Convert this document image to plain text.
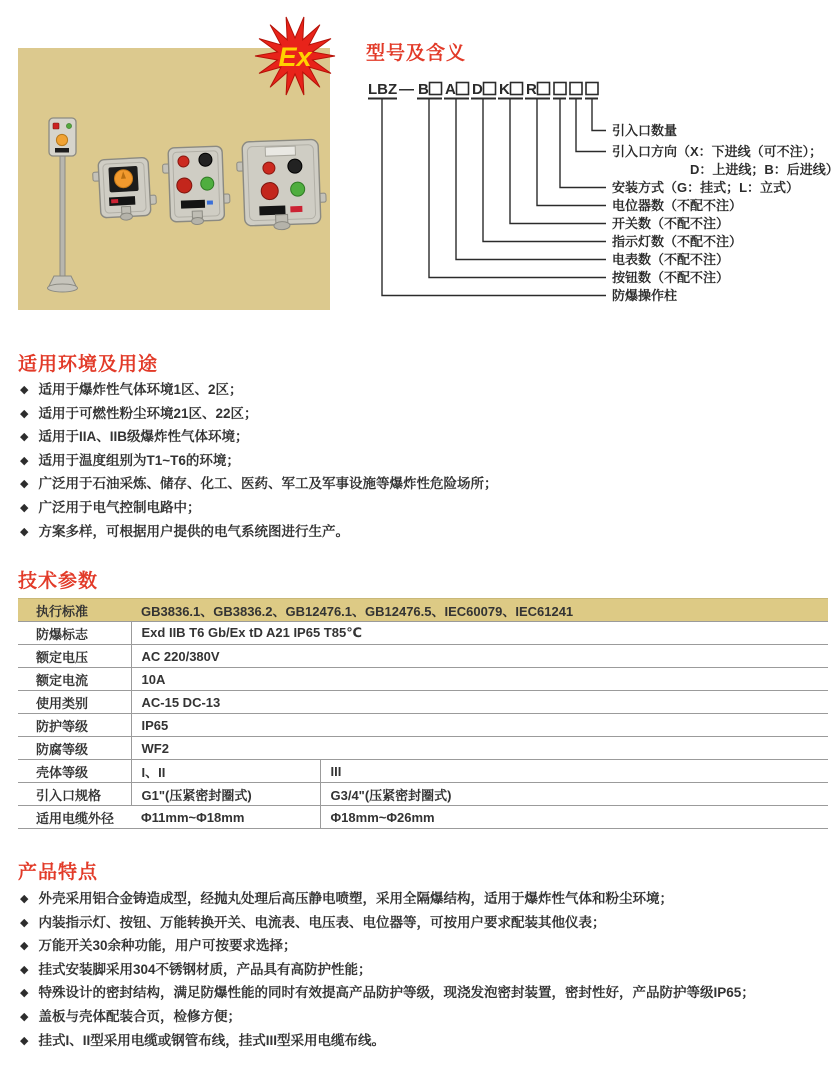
Ex	型号及含义
LBZ — B A D K R
引入口数量
引入口方向（X：下进线（可不注）；
D：上进线；B：后进线）
安装方式（G：挂式；L：立式）
电位器数（不配不注）
开关数（不配不注）
指示灯数（不配不注）
电表数（不配不注）
按钮数（不配不注）
防爆操作柱
适用环境及用途
◆ 适用于爆炸性气体环境1区、2区；
◆ 适用于可燃性粉尘环境21区、22区；
◆ 适用于IIA、IIB级爆炸性气体环境；
◆ 适用于温度组别为T1~T6的环境；
◆ 广泛用于石油采炼、储存、化工、医药、军工及军事设施等爆炸性危险场所；
◆ 广泛用于电气控制电路中；
◆ 方案多样，可根据用户提供的电气系统图进行生产。
技术参数
执行标准	GB3836.1、GB3836.2、GB12476.1、GB12476.5、IEC60079、IEC61241	
防爆标志	Exd IIB T6 Gb/Ex tD A21 IP65 T85℃	
额定电压	AC 220/380V	
额定电流	10A	
使用类别	AC-15 DC-13	
防护等级	IP65	
防腐等级	WF2	
壳体等级	I、II	III
引入口规格	G1"(压紧密封圈式)	G3/4"(压紧密封圈式)
适用电缆外径	Φ11mm~Φ18mm	Φ18mm~Φ26mm
产品特点
◆ 外壳采用铝合金铸造成型，经抛丸处理后高压静电喷塑，采用全隔爆结构，适用于爆炸性气体和粉尘环境；
◆ 内装指示灯、按钮、万能转换开关、电流表、电压表、电位器等，可按用户要求配装其他仪表；
◆ 万能开关30余种功能，用户可按要求选择；
◆ 挂式安装脚采用304不锈钢材质，产品具有高防护性能；
◆ 特殊设计的密封结构，满足防爆性能的同时有效提高产品防护等级，现浇发泡密封装置，密封性好，产品防护等级IP65；
◆ 盖板与壳体配装合页，检修方便；
◆ 挂式I、II型采用电缆或钢管布线，挂式III型采用电缆布线。
